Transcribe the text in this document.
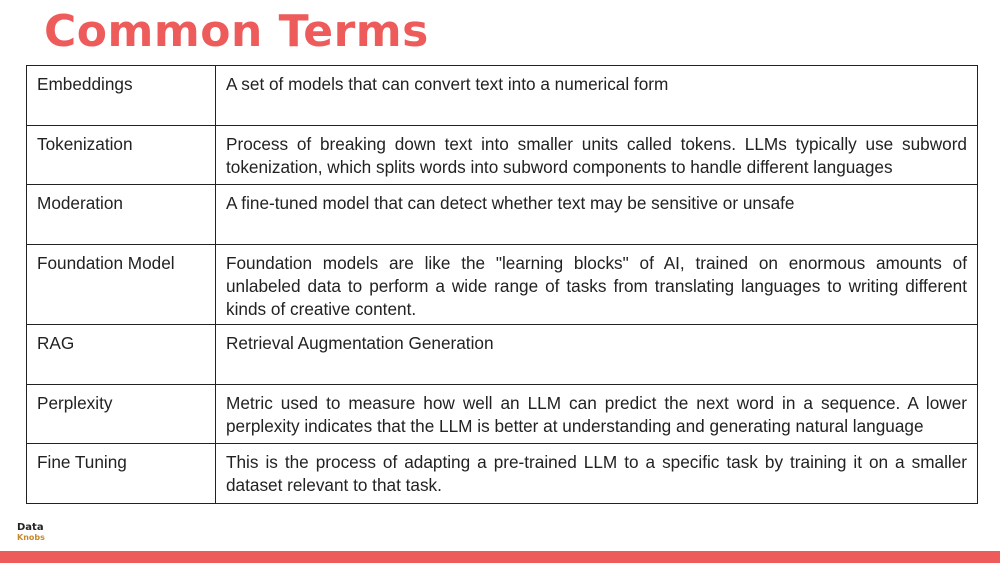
Common Terms
Embeddings	A set of models that can convert text into a numerical form
Tokenization	Process of breaking down text into smaller units called tokens. LLMs typically use subword tokenization, which splits words into subword components to handle different languages
Moderation	A fine-tuned model that can detect whether text may be sensitive or unsafe
Foundation Model	Foundation models are like the "learning blocks" of AI, trained on enormous amounts of unlabeled data to perform a wide range of tasks from translating languages to writing different kinds of creative content.
RAG	Retrieval Augmentation Generation
Perplexity	Metric used to measure how well an LLM can predict the next word in a sequence. A lower perplexity indicates that the LLM is better at understanding and generating natural language
Fine Tuning	This is the process of adapting a pre-trained LLM to a specific task by training it on a smaller dataset relevant to that task.
Data
Knobs
